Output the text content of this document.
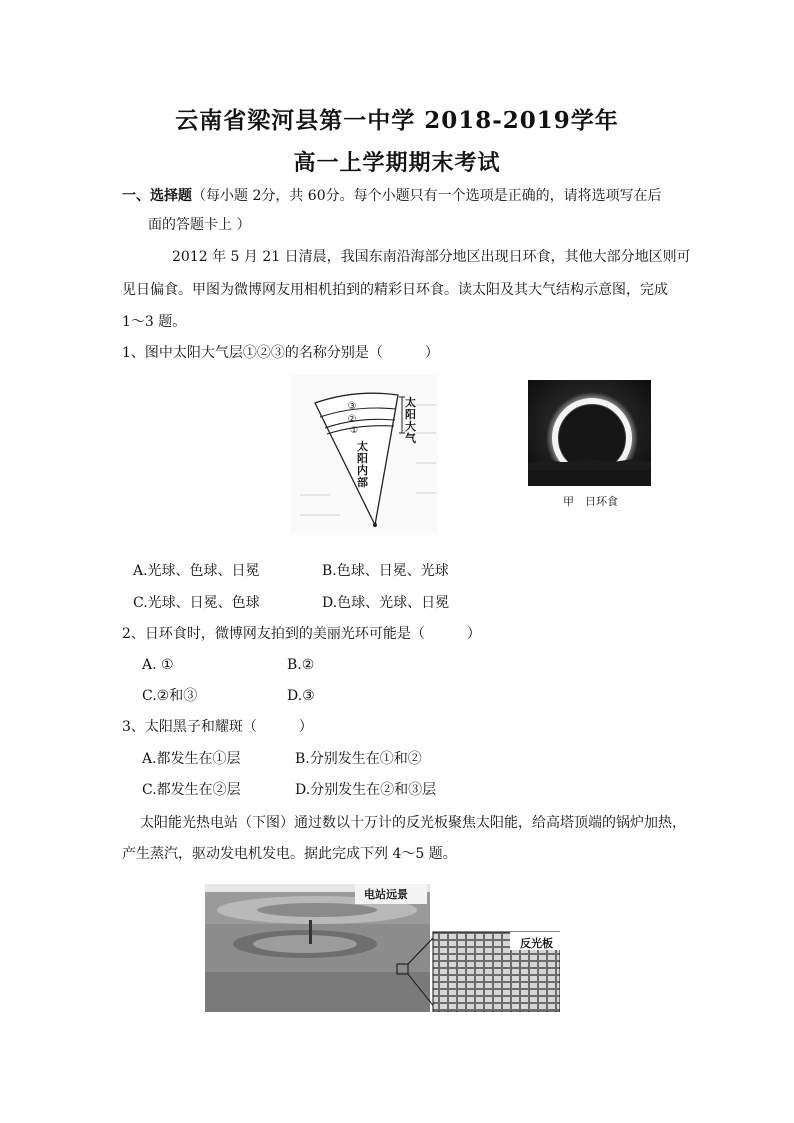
云南省梁河县第一中学 2018-2019学年
高一上学期期末考试
一、选择题（每小题 2分，共 60分。每个小题只有一个选项是正确的，请将选项写在后
面的答题卡上 ）
2012 年 5 月 21 日清晨，我国东南沿海部分地区出现日环食，其他大部分地区则可
见日偏食。甲图为微博网友用相机拍到的精彩日环食。读太阳及其大气结构示意图，完成
1～3 题。
1、图中太阳大气层①②③的名称分别是（　　　）
③
②
①
太阳大气
太阳内部
甲　日环食
A.光球、色球、日冕	B.色球、日冕、光球
C.光球、日冕、色球	D.色球、光球、日冕
2、日环食时，微博网友拍到的美丽光环可能是（　　　）
A. ①	B.②
C.②和③	D.③
3、太阳黑子和耀斑（　　　）
A.都发生在①层	B.分别发生在①和②
C.都发生在②层	D.分别发生在②和③层
太阳能光热电站（下图）通过数以十万计的反光板聚焦太阳能，给高塔顶端的锅炉加热，
产生蒸汽，驱动发电机发电。据此完成下列 4～5 题。
电站远景
反光板
